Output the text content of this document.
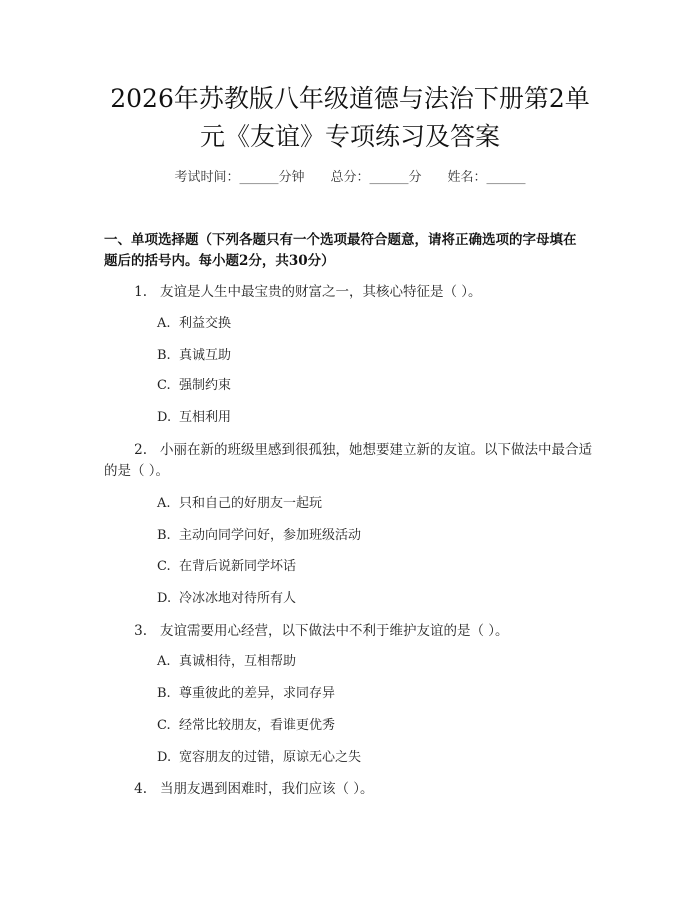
2026年苏教版八年级道德与法治下册第2单
元《友谊》专项练习及答案
考试时间：______分钟 总分：______分 姓名：______
一、单项选择题（下列各题只有一个选项最符合题意，请将正确选项的字母填在
题后的括号内。每小题2分，共30分）
1. 友谊是人生中最宝贵的财富之一，其核心特征是（ ）。
A. 利益交换
B. 真诚互助
C. 强制约束
D. 互相利用
2. 小丽在新的班级里感到很孤独，她想要建立新的友谊。以下做法中最合适
的是（ ）。
A. 只和自己的好朋友一起玩
B. 主动向同学问好，参加班级活动
C. 在背后说新同学坏话
D. 冷冰冰地对待所有人
3. 友谊需要用心经营，以下做法中不利于维护友谊的是（ ）。
A. 真诚相待，互相帮助
B. 尊重彼此的差异，求同存异
C. 经常比较朋友，看谁更优秀
D. 宽容朋友的过错，原谅无心之失
4. 当朋友遇到困难时，我们应该（ ）。
